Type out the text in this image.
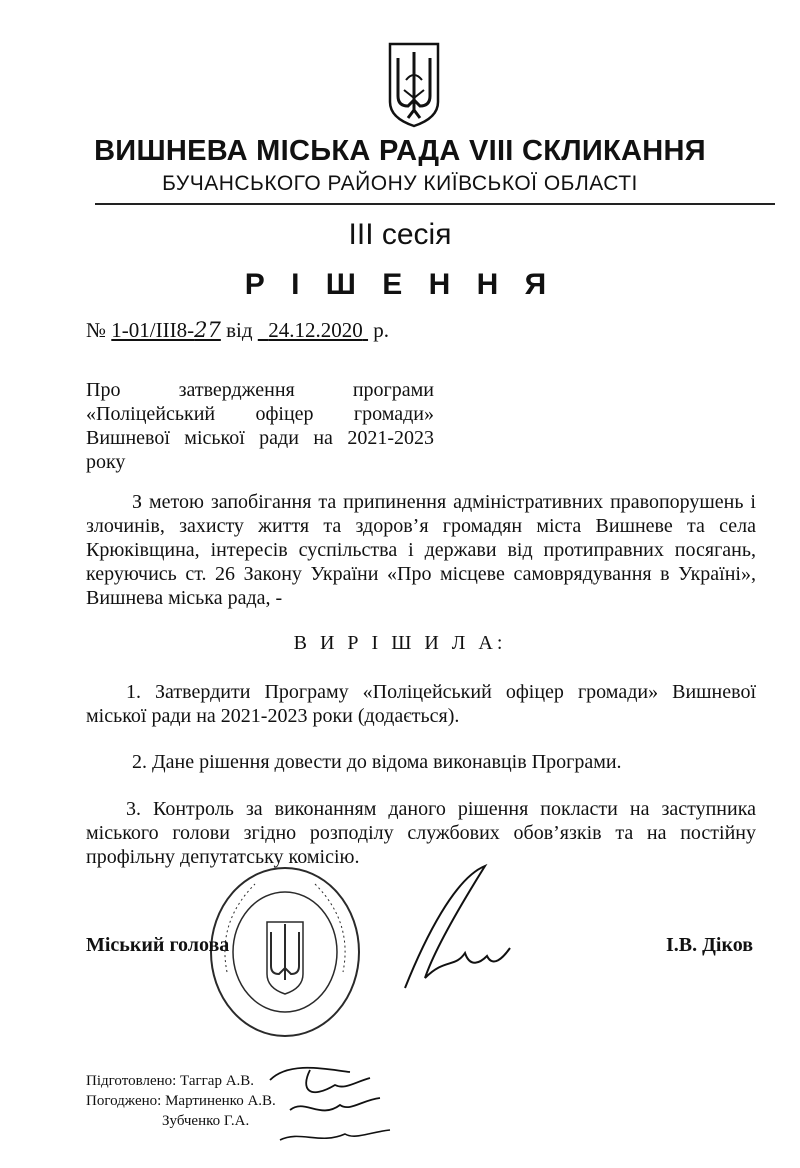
ВИШНЕВА МІСЬКА РАДА VIII СКЛИКАННЯ
БУЧАНСЬКОГО РАЙОНУ КИЇВСЬКОЇ ОБЛАСТІ
III сесія
Р І Ш Е Н Н Я
№ 1-01/III8-27 від 24.12.2020 р.
Про затвердження програми
«Поліцейський офіцер громади»
Вишневої міської ради на 2021-2023
року
З метою запобігання та припинення адміністративних правопорушень і злочинів, захисту життя та здоров’я громадян міста Вишневе та села Крюківщина, інтересів суспільства і держави від протиправних посягань, керуючись ст. 26 Закону України «Про місцеве самоврядування в Україні», Вишнева міська рада, -
В И Р І Ш И Л А:
1. Затвердити Програму «Поліцейський офіцер громади» Вишневої міської ради на 2021-2023 роки (додається).
2. Дане рішення довести до відома виконавців Програми.
3. Контроль за виконанням даного рішення покласти на заступника міського голови згідно розподілу службових обов’язків та на постійну профільну депутатську комісію.
Міський голова	І.В. Діков
Підготовлено: Таггар А.В.
Погоджено: Мартиненко А.В.
Зубченко Г.А.
